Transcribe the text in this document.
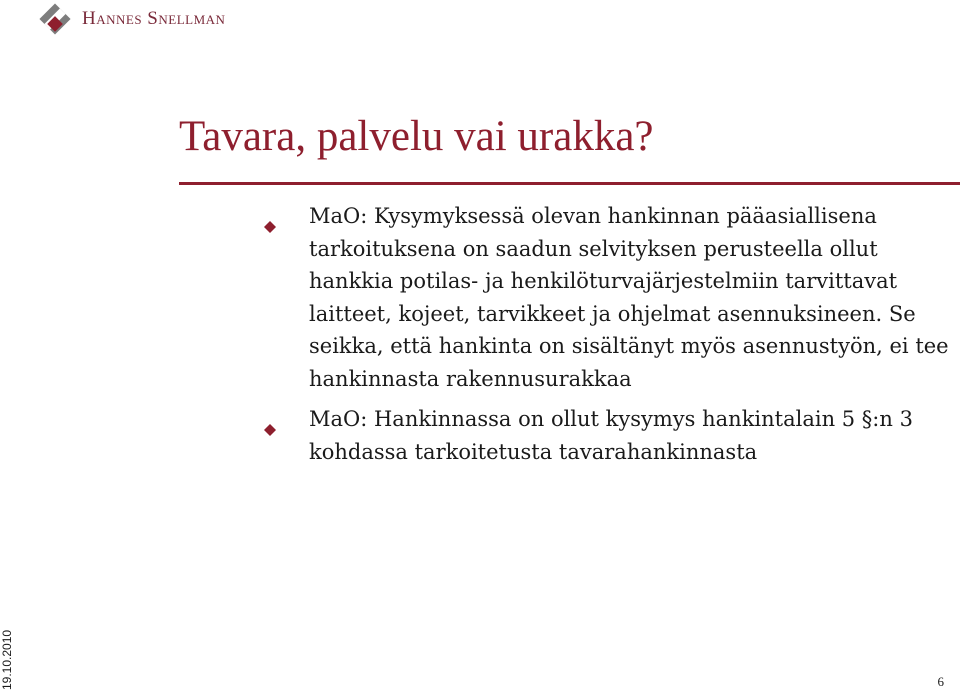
Hannes Snellman
Tavara, palvelu vai urakka?
MaO: Kysymyksessä olevan hankinnan pääasiallisena tarkoituksena on saadun selvityksen perusteella ollut hankkia potilas- ja henkilöturvajärjestelmiin tarvittavat laitteet, kojeet, tarvikkeet ja ohjelmat asennuksineen. Se seikka, että hankinta on sisältänyt myös asennustyön, ei tee hankinnasta rakennusurakkaa
MaO: Hankinnassa on ollut kysymys hankintalain 5 §:n 3 kohdassa tarkoitetusta tavarahankinnasta
19.10.2010	6
